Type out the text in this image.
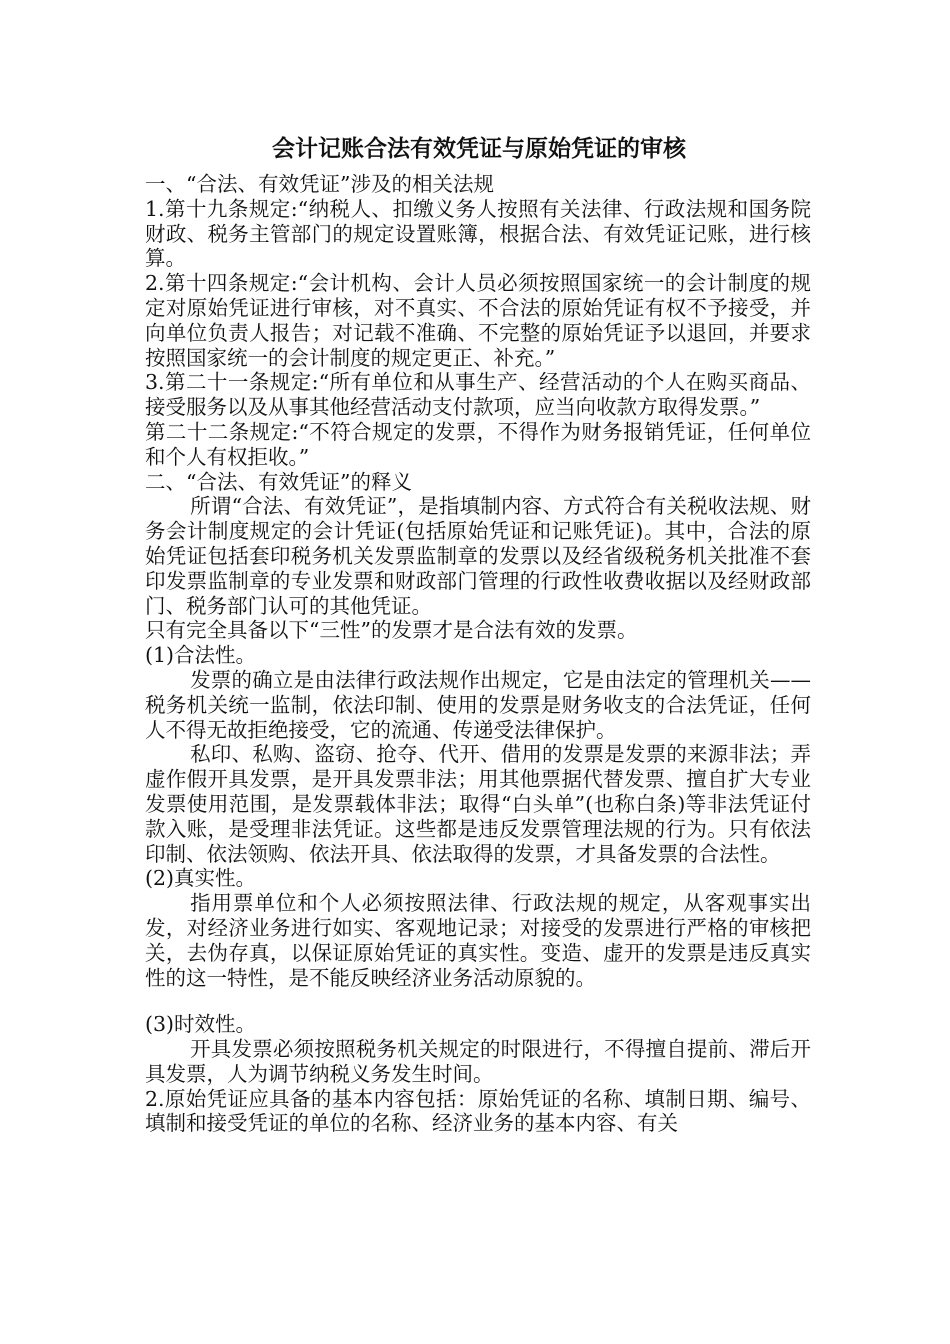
会计记账合法有效凭证与原始凭证的审核

一、“合法、有效凭证”涉及的相关法规

1.第十九条规定:“纳税人、扣缴义务人按照有关法律、行政法规和国务院财政、税务主管部门的规定设置账簿，根据合法、有效凭证记账，进行核算。

2.第十四条规定:“会计机构、会计人员必须按照国家统一的会计制度的规定对原始凭证进行审核，对不真实、不合法的原始凭证有权不予接受，并向单位负责人报告；对记载不准确、不完整的原始凭证予以退回，并要求按照国家统一的会计制度的规定更正、补充。”

3.第二十一条规定:“所有单位和从事生产、经营活动的个人在购买商品、接受服务以及从事其他经营活动支付款项，应当向收款方取得发票。”

第二十二条规定:“不符合规定的发票，不得作为财务报销凭证，任何单位和个人有权拒收。”

二、“合法、有效凭证”的释义

所谓“合法、有效凭证”，是指填制内容、方式符合有关税收法规、财务会计制度规定的会计凭证(包括原始凭证和记账凭证)。其中，合法的原始凭证包括套印税务机关发票监制章的发票以及经省级税务机关批准不套印发票监制章的专业发票和财政部门管理的行政性收费收据以及经财政部门、税务部门认可的其他凭证。

只有完全具备以下“三性”的发票才是合法有效的发票。

(1)合法性。

发票的确立是由法律行政法规作出规定，它是由法定的管理机关——税务机关统一监制，依法印制、使用的发票是财务收支的合法凭证，任何人不得无故拒绝接受，它的流通、传递受法律保护。

私印、私购、盗窃、抢夺、代开、借用的发票是发票的来源非法；弄虚作假开具发票，是开具发票非法；用其他票据代替发票、擅自扩大专业发票使用范围，是发票载体非法；取得“白头单”(也称白条)等非法凭证付款入账，是受理非法凭证。这些都是违反发票管理法规的行为。只有依法印制、依法领购、依法开具、依法取得的发票，才具备发票的合法性。

(2)真实性。

指用票单位和个人必须按照法律、行政法规的规定，从客观事实出发，对经济业务进行如实、客观地记录；对接受的发票进行严格的审核把关，去伪存真，以保证原始凭证的真实性。变造、虚开的发票是违反真实性的这一特性，是不能反映经济业务活动原貌的。

(3)时效性。

开具发票必须按照税务机关规定的时限进行，不得擅自提前、滞后开具发票，人为调节纳税义务发生时间。

2.原始凭证应具备的基本内容包括：原始凭证的名称、填制日期、编号、填制和接受凭证的单位的名称、经济业务的基本内容、有关
